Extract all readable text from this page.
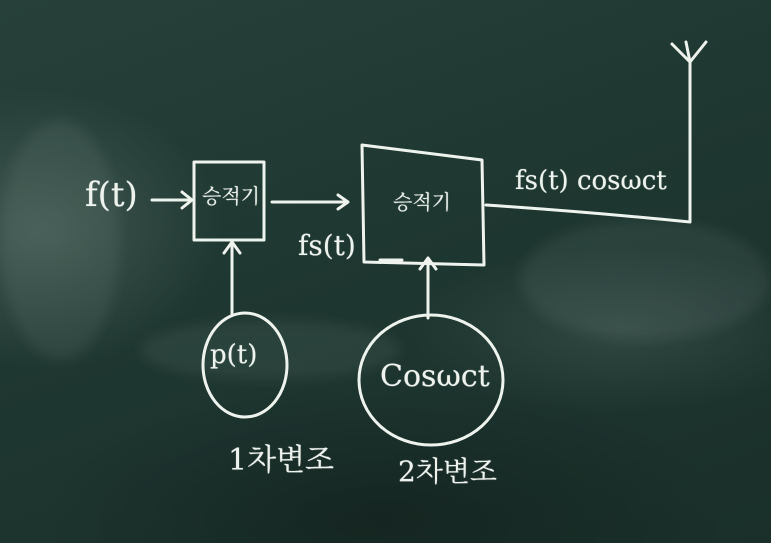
f(t)	승적기
p(t)
1차변조
fs(t)
승적기
Cosωct
2차변조
fs(t) cosωct
